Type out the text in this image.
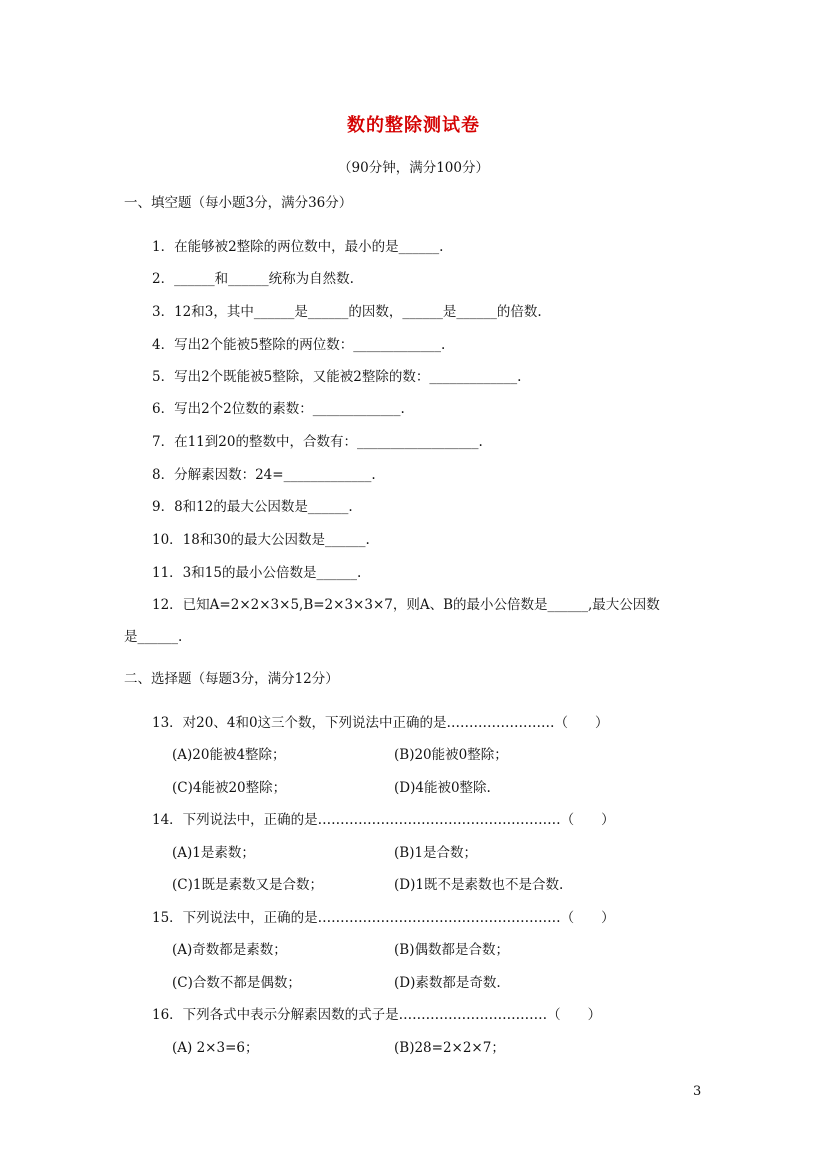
数的整除测试卷
（90分钟，满分100分）
一、填空题（每小题3分，满分36分）
1．在能够被2整除的两位数中，最小的是______.
2．______和______统称为自然数.
3．12和3，其中______是______的因数，______是______的倍数.
4．写出2个能被5整除的两位数：_____________.
5．写出2个既能被5整除，又能被2整除的数：_____________.
6．写出2个2位数的素数：_____________.
7．在11到20的整数中，合数有：__________________.
8．分解素因数：24=_____________.
9．8和12的最大公因数是______.
10．18和30的最大公因数是______.
11．3和15的最小公倍数是______.
12．已知A=2×2×3×5,B=2×3×3×7，则A、B的最小公倍数是______,最大公因数
是______.
二、选择题（每题3分，满分12分）
13．对20、4和0这三个数，下列说法中正确的是……………………（　　）
(A)20能被4整除；	(B)20能被0整除；
(C)4能被20整除；	(D)4能被0整除.
14．下列说法中，正确的是………………………………………………（　　）
(A)1是素数；	(B)1是合数；
(C)1既是素数又是合数；	(D)1既不是素数也不是合数.
15．下列说法中，正确的是………………………………………………（　　）
(A)奇数都是素数；	(B)偶数都是合数；
(C)合数不都是偶数；	(D)素数都是奇数.
16．下列各式中表示分解素因数的式子是……………………………（　　）
(A) 2×3=6；	(B)28=2×2×7；
3
